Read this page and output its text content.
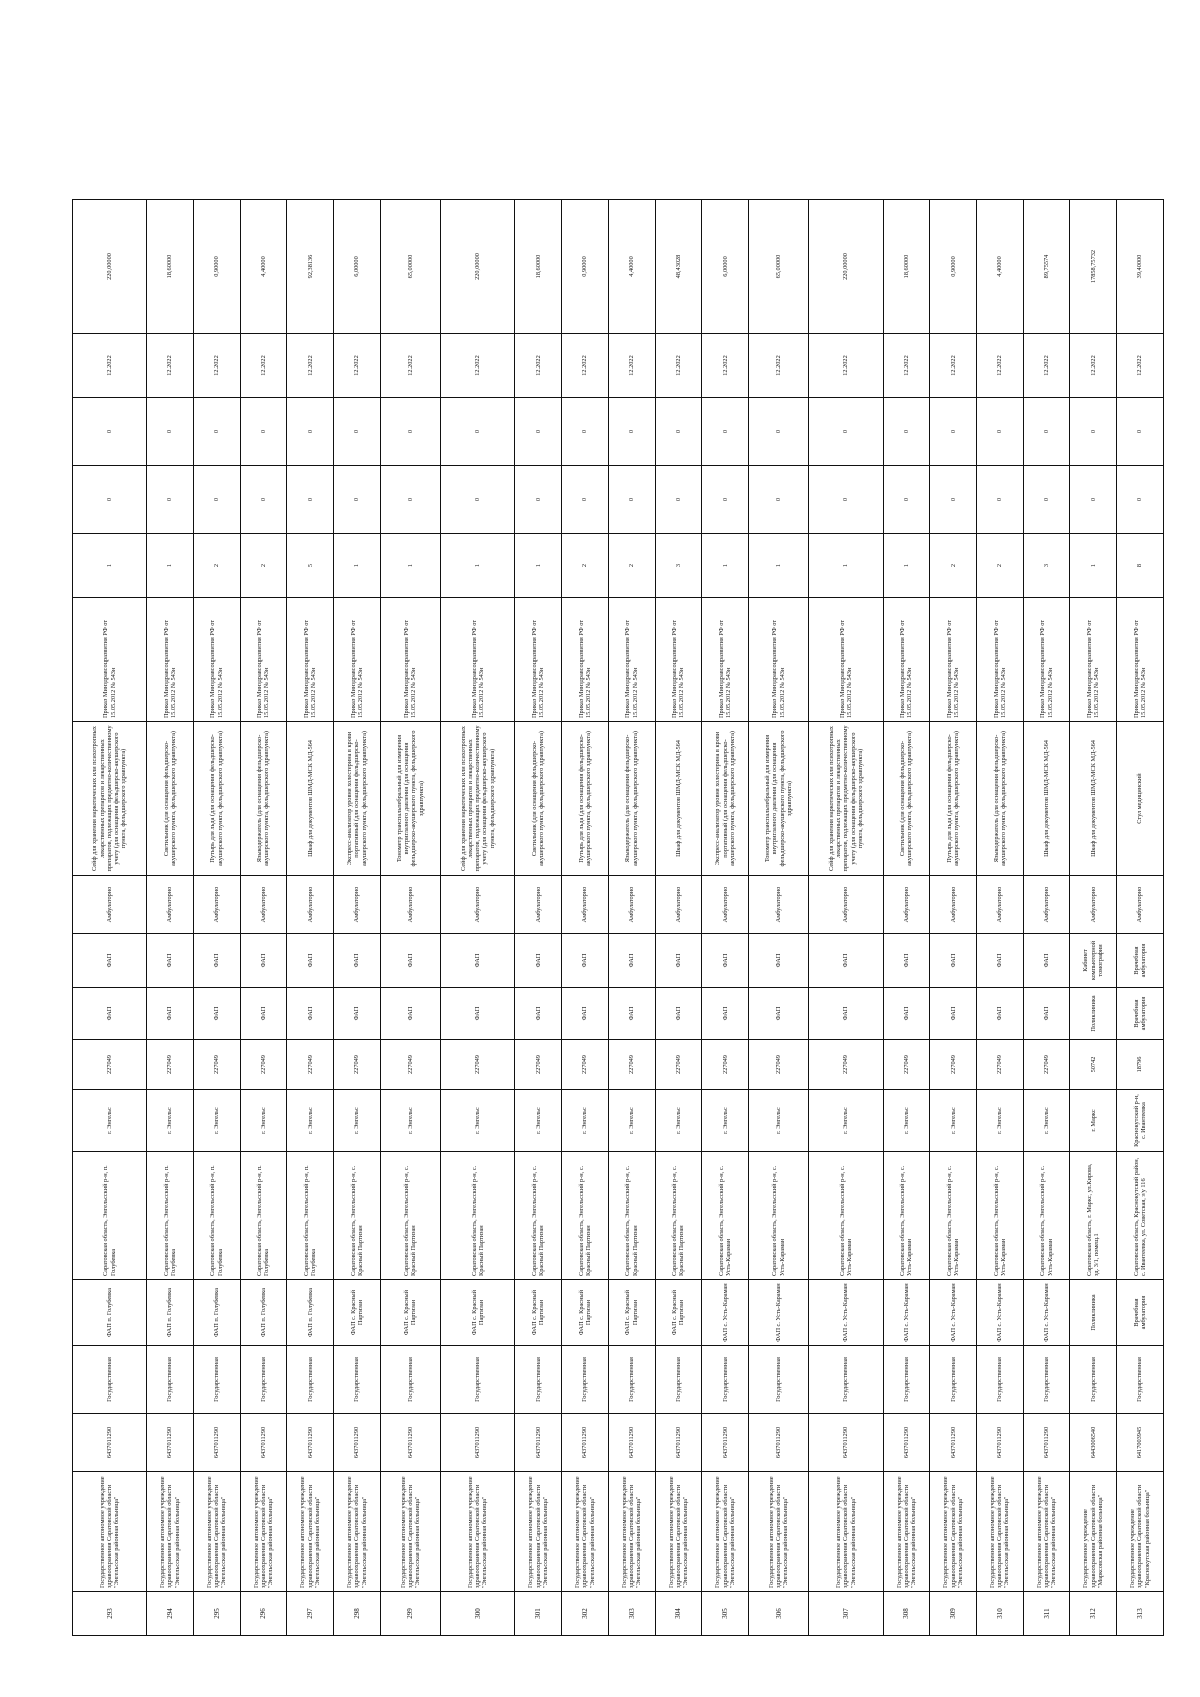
293	Государственное автономное учреждение здравоохранения Саратовской области "Энгельсская районная больница"	6437011290	Государственная	ФАП п. Голубевка	Саратовская область, Энгельсский р-н, п. Голубевка	г. Энгельс	227049	ФАП	ФАП	Амбулаторно	Сейф для хранения наркотических или психотропных лекарственных препаратов и лекарственных препаратов, подлежащих предметно-количественному учету (для оснащения фельдшерско-акушерского пункта, фельдшерского здравпункта)	Приказ Минздравсоцразвития РФ от 15.05.2012 № 543н	1	0	0	12.2022	220,00000
294	Государственное автономное учреждение здравоохранения Саратовской области "Энгельсская районная больница"	6437011290	Государственная	ФАП п. Голубевка	Саратовская область, Энгельсский р-н, п. Голубевка	г. Энгельс	227049	ФАП	ФАП	Амбулаторно	Светильник (для оснащения фельдшерско-акушерского пункта, фельдшерского здравпункта)	Приказ Минздравсоцразвития РФ от 15.05.2012 № 543н	1	0	0	12.2022	18,60000
295	Государственное автономное учреждение здравоохранения Саратовской области "Энгельсская районная больница"	6437011290	Государственная	ФАП п. Голубевка	Саратовская область, Энгельсский р-н, п. Голубевка	г. Энгельс	227049	ФАП	ФАП	Амбулаторно	Путырь для льда (для оснащения фельдшерско-акушерского пункта, фельдшерского здравпункта)	Приказ Минздравсоцразвития РФ от 15.05.2012 № 543н	2	0	0	12.2022	0,90000
296	Государственное автономное учреждение здравоохранения Саратовской области "Энгельсская районная больница"	6437011290	Государственная	ФАП п. Голубевка	Саратовская область, Энгельсский р-н, п. Голубевка	г. Энгельс	227049	ФАП	ФАП	Амбулаторно	Языкодержатель (для оснащения фельдшерско-акушерского пункта, фельдшерского здравпункта)	Приказ Минздравсоцразвития РФ от 15.05.2012 № 543н	2	0	0	12.2022	4,40000
297	Государственное автономное учреждение здравоохранения Саратовской области "Энгельсская районная больница"	6437011290	Государственная	ФАП п. Голубевка	Саратовская область, Энгельсский р-н, п. Голубевка	г. Энгельс	227049	ФАП	ФАП	Амбулаторно	Шкаф для документов ШМД-МСК МД-564	Приказ Минздравсоцразвития РФ от 15.05.2012 № 543н	5	0	0	12.2022	92,38136
298	Государственное автономное учреждение здравоохранения Саратовской области "Энгельсская районная больница"	6437011290	Государственная	ФАП с. Красный Партизан	Саратовская область, Энгельсский р-н, с. Красный Партизан	г. Энгельс	227049	ФАП	ФАП	Амбулаторно	Экспресс-анализатор уровня холестерина в крови портативный (для оснащения фельдшерско-акушерского пункта, фельдшерского здравпункта)	Приказ Минздравсоцразвития РФ от 15.05.2012 № 543н	1	0	0	12.2022	6,00000
299	Государственное автономное учреждение здравоохранения Саратовской области "Энгельсская районная больница"	6437011290	Государственная	ФАП с. Красный Партизан	Саратовская область, Энгельсский р-н, с. Красный Партизан	г. Энгельс	227049	ФАП	ФАП	Амбулаторно	Тонометр транспальпебральный для измерения внутриглазного давления (для оснащения фельдшерско-акушерского пункта, фельдшерского здравпункта)	Приказ Минздравсоцразвития РФ от 15.05.2012 № 543н	1	0	0	12.2022	65,00000
300	Государственное автономное учреждение здравоохранения Саратовской области "Энгельсская районная больница"	6437011290	Государственная	ФАП с. Красный Партизан	Саратовская область, Энгельсский р-н, с. Красный Партизан	г. Энгельс	227049	ФАП	ФАП	Амбулаторно	Сейф для хранения наркотических или психотропных лекарственных препаратов и лекарственных препаратов, подлежащих предметно-количественному учету (для оснащения фельдшерско-акушерского пункта, фельдшерского здравпункта)	Приказ Минздравсоцразвития РФ от 15.05.2012 № 543н	1	0	0	12.2022	220,00000
301	Государственное автономное учреждение здравоохранения Саратовской области "Энгельсская районная больница"	6437011290	Государственная	ФАП с. Красный Партизан	Саратовская область, Энгельсский р-н, с. Красный Партизан	г. Энгельс	227049	ФАП	ФАП	Амбулаторно	Светильник (для оснащения фельдшерско-акушерского пункта, фельдшерского здравпункта)	Приказ Минздравсоцразвития РФ от 15.05.2012 № 543н	1	0	0	12.2022	18,60000
302	Государственное автономное учреждение здравоохранения Саратовской области "Энгельсская районная больница"	6437011290	Государственная	ФАП с. Красный Партизан	Саратовская область, Энгельсский р-н, с. Красный Партизан	г. Энгельс	227049	ФАП	ФАП	Амбулаторно	Путырь для льда (для оснащения фельдшерско-акушерского пункта, фельдшерского здравпункта)	Приказ Минздравсоцразвития РФ от 15.05.2012 № 543н	2	0	0	12.2022	0,90000
303	Государственное автономное учреждение здравоохранения Саратовской области "Энгельсская районная больница"	6437011290	Государственная	ФАП с. Красный Партизан	Саратовская область, Энгельсский р-н, с. Красный Партизан	г. Энгельс	227049	ФАП	ФАП	Амбулаторно	Языкодержатель (для оснащения фельдшерско-акушерского пункта, фельдшерского здравпункта)	Приказ Минздравсоцразвития РФ от 15.05.2012 № 543н	2	0	0	12.2022	4,40000
304	Государственное автономное учреждение здравоохранения Саратовской области "Энгельсская районная больница"	6437011290	Государственная	ФАП с. Красный Партизан	Саратовская область, Энгельсский р-н, с. Красный Партизан	г. Энгельс	227049	ФАП	ФАП	Амбулаторно	Шкаф для документов ШМД-МСК МД-564	Приказ Минздравсоцразвития РФ от 15.05.2012 № 543н	3	0	0	12.2022	48,43028
305	Государственное автономное учреждение здравоохранения Саратовской области "Энгельсская районная больница"	6437011290	Государственная	ФАП с. Усть-Караман	Саратовская область, Энгельсский р-н, с. Усть-Караман	г. Энгельс	227049	ФАП	ФАП	Амбулаторно	Экспресс-анализатор уровня холестерина в крови портативный (для оснащения фельдшерско-акушерского пункта, фельдшерского здравпункта)	Приказ Минздравсоцразвития РФ от 15.05.2012 № 543н	1	0	0	12.2022	6,00000
306	Государственное автономное учреждение здравоохранения Саратовской области "Энгельсская районная больница"	6437011290	Государственная	ФАП с. Усть-Караман	Саратовская область, Энгельсский р-н, с. Усть-Караман	г. Энгельс	227049	ФАП	ФАП	Амбулаторно	Тонометр транспальпебральный для измерения внутриглазного давления (для оснащения фельдшерско-акушерского пункта, фельдшерского здравпункта)	Приказ Минздравсоцразвития РФ от 15.05.2012 № 543н	1	0	0	12.2022	65,00000
307	Государственное автономное учреждение здравоохранения Саратовской области "Энгельсская районная больница"	6437011290	Государственная	ФАП с. Усть-Караман	Саратовская область, Энгельсский р-н, с. Усть-Караман	г. Энгельс	227049	ФАП	ФАП	Амбулаторно	Сейф для хранения наркотических или психотропных лекарственных препаратов и лекарственных препаратов, подлежащих предметно-количественному учету (для оснащения фельдшерско-акушерского пункта, фельдшерского здравпункта)	Приказ Минздравсоцразвития РФ от 15.05.2012 № 543н	1	0	0	12.2022	220,00000
308	Государственное автономное учреждение здравоохранения Саратовской области "Энгельсская районная больница"	6437011290	Государственная	ФАП с. Усть-Караман	Саратовская область, Энгельсский р-н, с. Усть-Караман	г. Энгельс	227049	ФАП	ФАП	Амбулаторно	Светильник (для оснащения фельдшерско-акушерского пункта, фельдшерского здравпункта)	Приказ Минздравсоцразвития РФ от 15.05.2012 № 543н	1	0	0	12.2022	18,60000
309	Государственное автономное учреждение здравоохранения Саратовской области "Энгельсская районная больница"	6437011290	Государственная	ФАП с. Усть-Караман	Саратовская область, Энгельсский р-н, с. Усть-Караман	г. Энгельс	227049	ФАП	ФАП	Амбулаторно	Путырь для льда (для оснащения фельдшерско-акушерского пункта, фельдшерского здравпункта)	Приказ Минздравсоцразвития РФ от 15.05.2012 № 543н	2	0	0	12.2022	0,90000
310	Государственное автономное учреждение здравоохранения Саратовской области "Энгельсская районная больница"	6437011290	Государственная	ФАП с. Усть-Караман	Саратовская область, Энгельсский р-н, с. Усть-Караман	г. Энгельс	227049	ФАП	ФАП	Амбулаторно	Языкодержатель (для оснащения фельдшерско-акушерского пункта, фельдшерского здравпункта)	Приказ Минздравсоцразвития РФ от 15.05.2012 № 543н	2	0	0	12.2022	4,40000
311	Государственное автономное учреждение здравоохранения Саратовской области "Энгельсская районная больница"	6437011290	Государственная	ФАП с. Усть-Караман	Саратовская область, Энгельсский р-н, с. Усть-Караман	г. Энгельс	227049	ФАП	ФАП	Амбулаторно	Шкаф для документов ШМД-МСК МД-564	Приказ Минздравсоцразвития РФ от 15.05.2012 № 543н	3	0	0	12.2022	89,75574
312	Государственное учреждение здравоохранения Саратовской области "Марксовская районная больница"	6443006540	Государственная	Поликлиника	Саратовская область, г. Маркс, ул.Кирова, зд. 3/1, помещ.1	г. Маркс	50742	Поликлиника	Кабинет компьютерной томографии	Амбулаторно	Шкаф для документов ШМД-МСК МД-564	Приказ Минздравсоцразвития РФ от 15.05.2012 № 543н	1	0	0	12.2022	17858,75732
313	Государственное учреждение здравоохранения Саратовской области "Краснокутская районная больница"	6417003945	Государственная	Врачебная амбулатория	Саратовская область, Краснокутский район, с. Ивантеевка, ул. Советская, з/у 116	Краснокутский р-н, с. Ивантеевка	18796	Врачебная амбулатория	Врачебная амбулатория	Амбулаторно	Стул медицинский	Приказ Минздравсоцразвития РФ от 15.05.2012 № 543н	8	0	0	12.2022	39,40000
